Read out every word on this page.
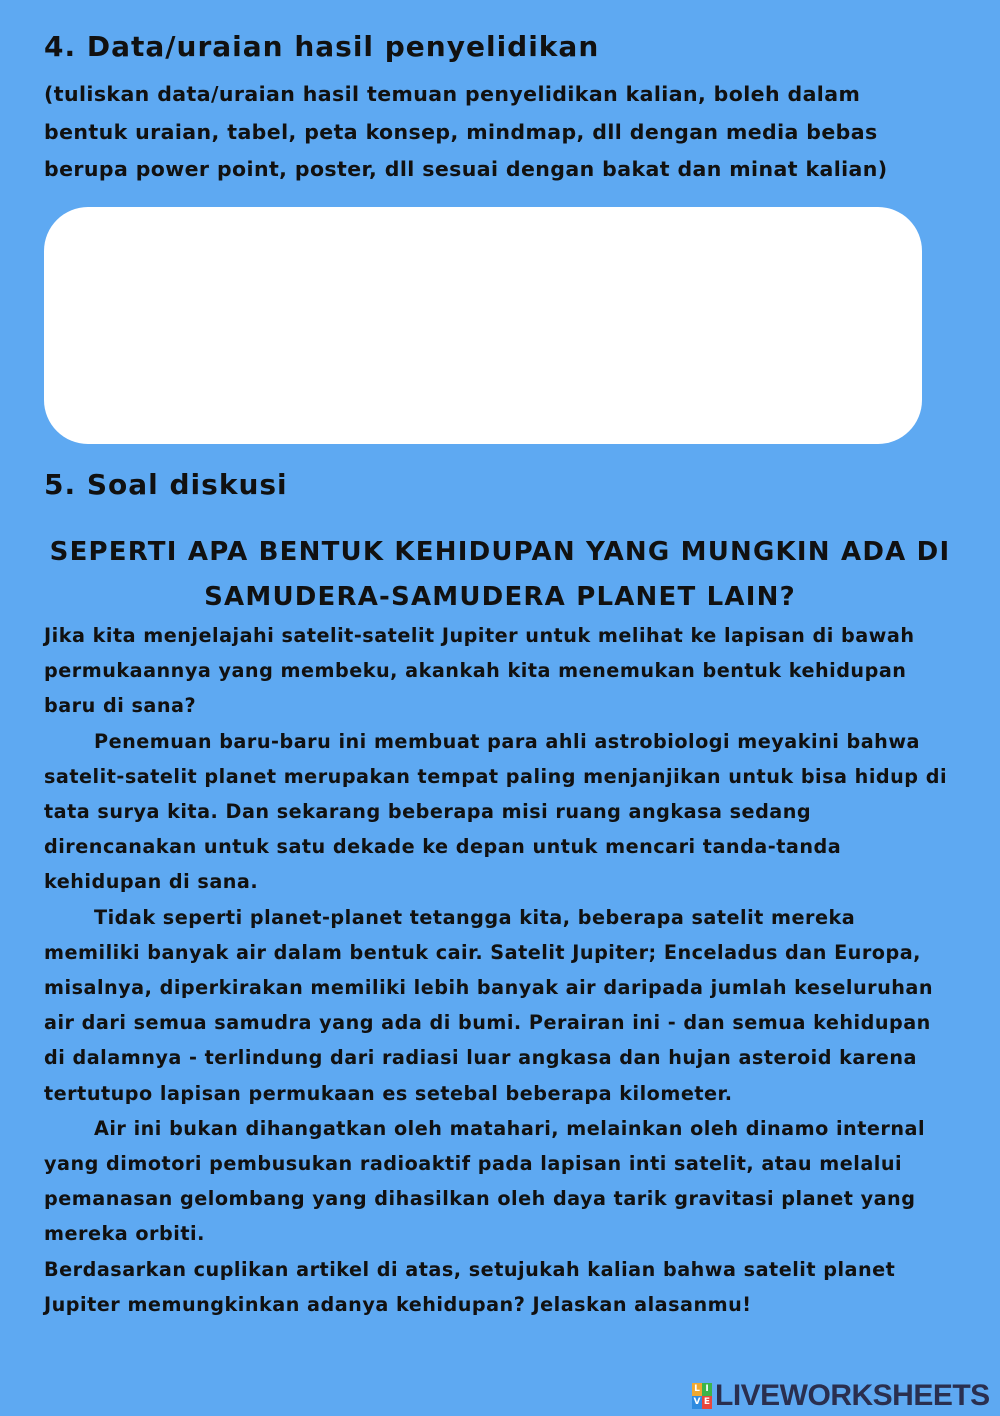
4. Data/uraian hasil penyelidikan

(tuliskan data/uraian hasil temuan penyelidikan kalian, boleh dalam bentuk uraian, tabel, peta konsep, mindmap, dll dengan media bebas berupa power point, poster, dll sesuai dengan bakat dan minat kalian)

5. Soal diskusi
SEPERTI APA BENTUK KEHIDUPAN YANG MUNGKIN ADA DI
SAMUDERA-SAMUDERA PLANET LAIN?

Jika kita menjelajahi satelit-satelit Jupiter untuk melihat ke lapisan di bawah permukaannya yang membeku, akankah kita menemukan bentuk kehidupan baru di sana?

Penemuan baru-baru ini membuat para ahli astrobiologi meyakini bahwa satelit-satelit planet merupakan tempat paling menjanjikan untuk bisa hidup di tata surya kita. Dan sekarang beberapa misi ruang angkasa sedang direncanakan untuk satu dekade ke depan untuk mencari tanda-tanda kehidupan di sana.

Tidak seperti planet-planet tetangga kita, beberapa satelit mereka memiliki banyak air dalam bentuk cair. Satelit Jupiter; Enceladus dan Europa, misalnya, diperkirakan memiliki lebih banyak air daripada jumlah keseluruhan air dari semua samudra yang ada di bumi. Perairan ini - dan semua kehidupan di dalamnya - terlindung dari radiasi luar angkasa dan hujan asteroid karena tertutupo lapisan permukaan es setebal beberapa kilometer.

Air ini bukan dihangatkan oleh matahari, melainkan oleh dinamo internal yang dimotori pembusukan radioaktif pada lapisan inti satelit, atau melalui pemanasan gelombang yang dihasilkan oleh daya tarik gravitasi planet yang mereka orbiti.

Berdasarkan cuplikan artikel di atas, setujukah kalian bahwa satelit planet Jupiter memungkinkan adanya kehidupan? Jelaskan alasanmu!

L I
V E LIVEWORKSHEETS
